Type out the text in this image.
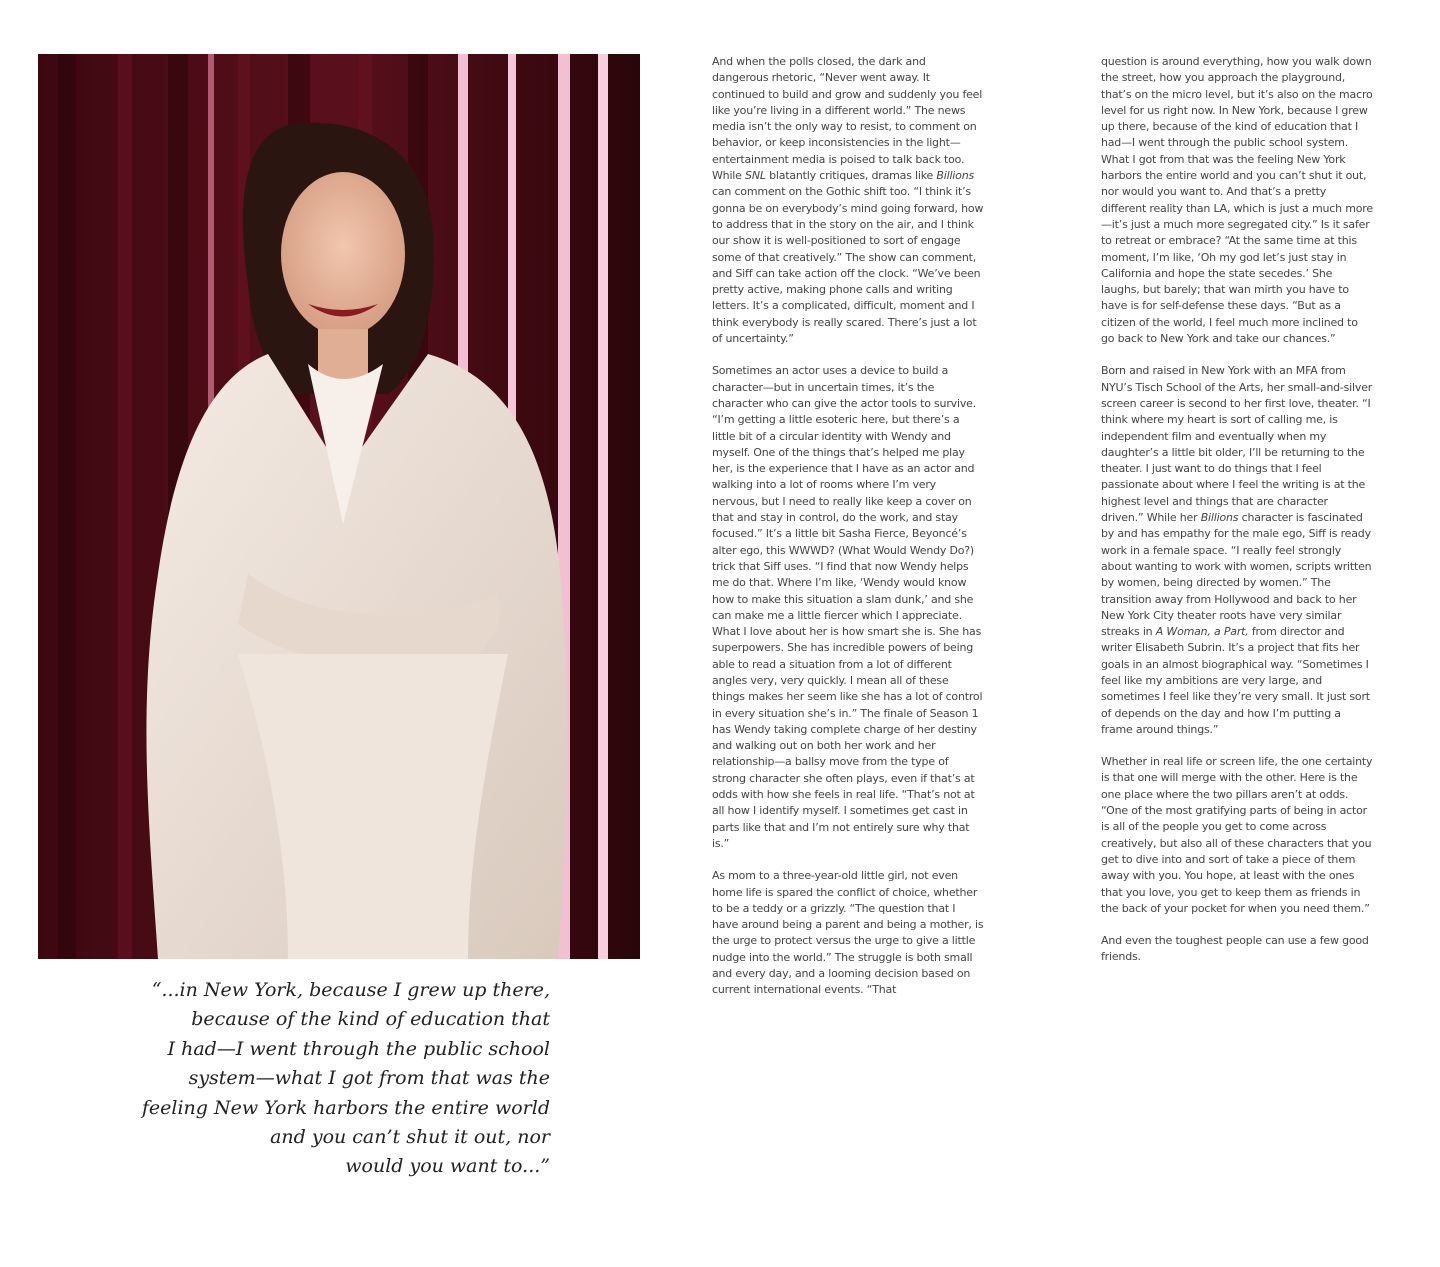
“...in New York, because I grew up there,
because of the kind of education that
I had—I went through the public school
system—what I got from that was the
feeling New York harbors the entire world
and you can’t shut it out, nor
would you want to...”

And when the polls closed, the dark and dangerous rhetoric, “Never went away. It continued to build and grow and suddenly you feel like you’re living in a different world.” The news media isn’t the only way to resist, to comment on behavior, or keep inconsistencies in the light—entertainment media is poised to talk back too. While SNL blatantly critiques, dramas like Billions can comment on the Gothic shift too. “I think it’s gonna be on everybody’s mind going forward, how to address that in the story on the air, and I think our show it is well-positioned to sort of engage some of that creatively.” The show can comment, and Siff can take action off the clock. “We’ve been pretty active, making phone calls and writing letters. It’s a complicated, difficult, moment and I think everybody is really scared. There’s just a lot of uncertainty.”

Sometimes an actor uses a device to build a character—but in uncertain times, it’s the character who can give the actor tools to survive. “I’m getting a little esoteric here, but there’s a little bit of a circular identity with Wendy and myself. One of the things that’s helped me play her, is the experience that I have as an actor and walking into a lot of rooms where I’m very nervous, but I need to really like keep a cover on that and stay in control, do the work, and stay focused.” It’s a little bit Sasha Fierce, Beyoncé’s alter ego, this WWWD? (What Would Wendy Do?) trick that Siff uses. “I find that now Wendy helps me do that. Where I’m like, ‘Wendy would know how to make this situation a slam dunk,’ and she can make me a little fiercer which I appreciate. What I love about her is how smart she is. She has superpowers. She has incredible powers of being able to read a situation from a lot of different angles very, very quickly. I mean all of these things makes her seem like she has a lot of control in every situation she’s in.” The finale of Season 1 has Wendy taking complete charge of her destiny and walking out on both her work and her relationship—a ballsy move from the type of strong character she often plays, even if that’s at odds with how she feels in real life. “That’s not at all how I identify myself. I sometimes get cast in parts like that and I’m not entirely sure why that is.”

As mom to a three-year-old little girl, not even home life is spared the conflict of choice, whether to be a teddy or a grizzly. “The question that I have around being a parent and being a mother, is the urge to protect versus the urge to give a little nudge into the world.” The struggle is both small and every day, and a looming decision based on current international events. “That

question is around everything, how you walk down the street, how you approach the playground, that’s on the micro level, but it’s also on the macro level for us right now. In New York, because I grew up there, because of the kind of education that I had—I went through the public school system. What I got from that was the feeling New York harbors the entire world and you can’t shut it out, nor would you want to. And that’s a pretty different reality than LA, which is just a much more—it’s just a much more segregated city.” Is it safer to retreat or embrace? “At the same time at this moment, I’m like, ‘Oh my god let’s just stay in California and hope the state secedes.’ She laughs, but barely; that wan mirth you have to have is for self-defense these days. “But as a citizen of the world, I feel much more inclined to go back to New York and take our chances.”

Born and raised in New York with an MFA from NYU’s Tisch School of the Arts, her small-and-silver screen career is second to her first love, theater. “I think where my heart is sort of calling me, is independent film and eventually when my daughter’s a little bit older, I’ll be returning to the theater. I just want to do things that I feel passionate about where I feel the writing is at the highest level and things that are character driven.” While her Billions character is fascinated by and has empathy for the male ego, Siff is ready work in a female space. “I really feel strongly about wanting to work with women, scripts written by women, being directed by women.” The transition away from Hollywood and back to her New York City theater roots have very similar streaks in A Woman, a Part, from director and writer Elisabeth Subrin. It’s a project that fits her goals in an almost biographical way. “Sometimes I feel like my ambitions are very large, and sometimes I feel like they’re very small. It just sort of depends on the day and how I’m putting a frame around things.”

Whether in real life or screen life, the one certainty is that one will merge with the other. Here is the one place where the two pillars aren’t at odds. “One of the most gratifying parts of being in actor is all of the people you get to come across creatively, but also all of these characters that you get to dive into and sort of take a piece of them away with you. You hope, at least with the ones that you love, you get to keep them as friends in the back of your pocket for when you need them.”

And even the toughest people can use a few good friends.
